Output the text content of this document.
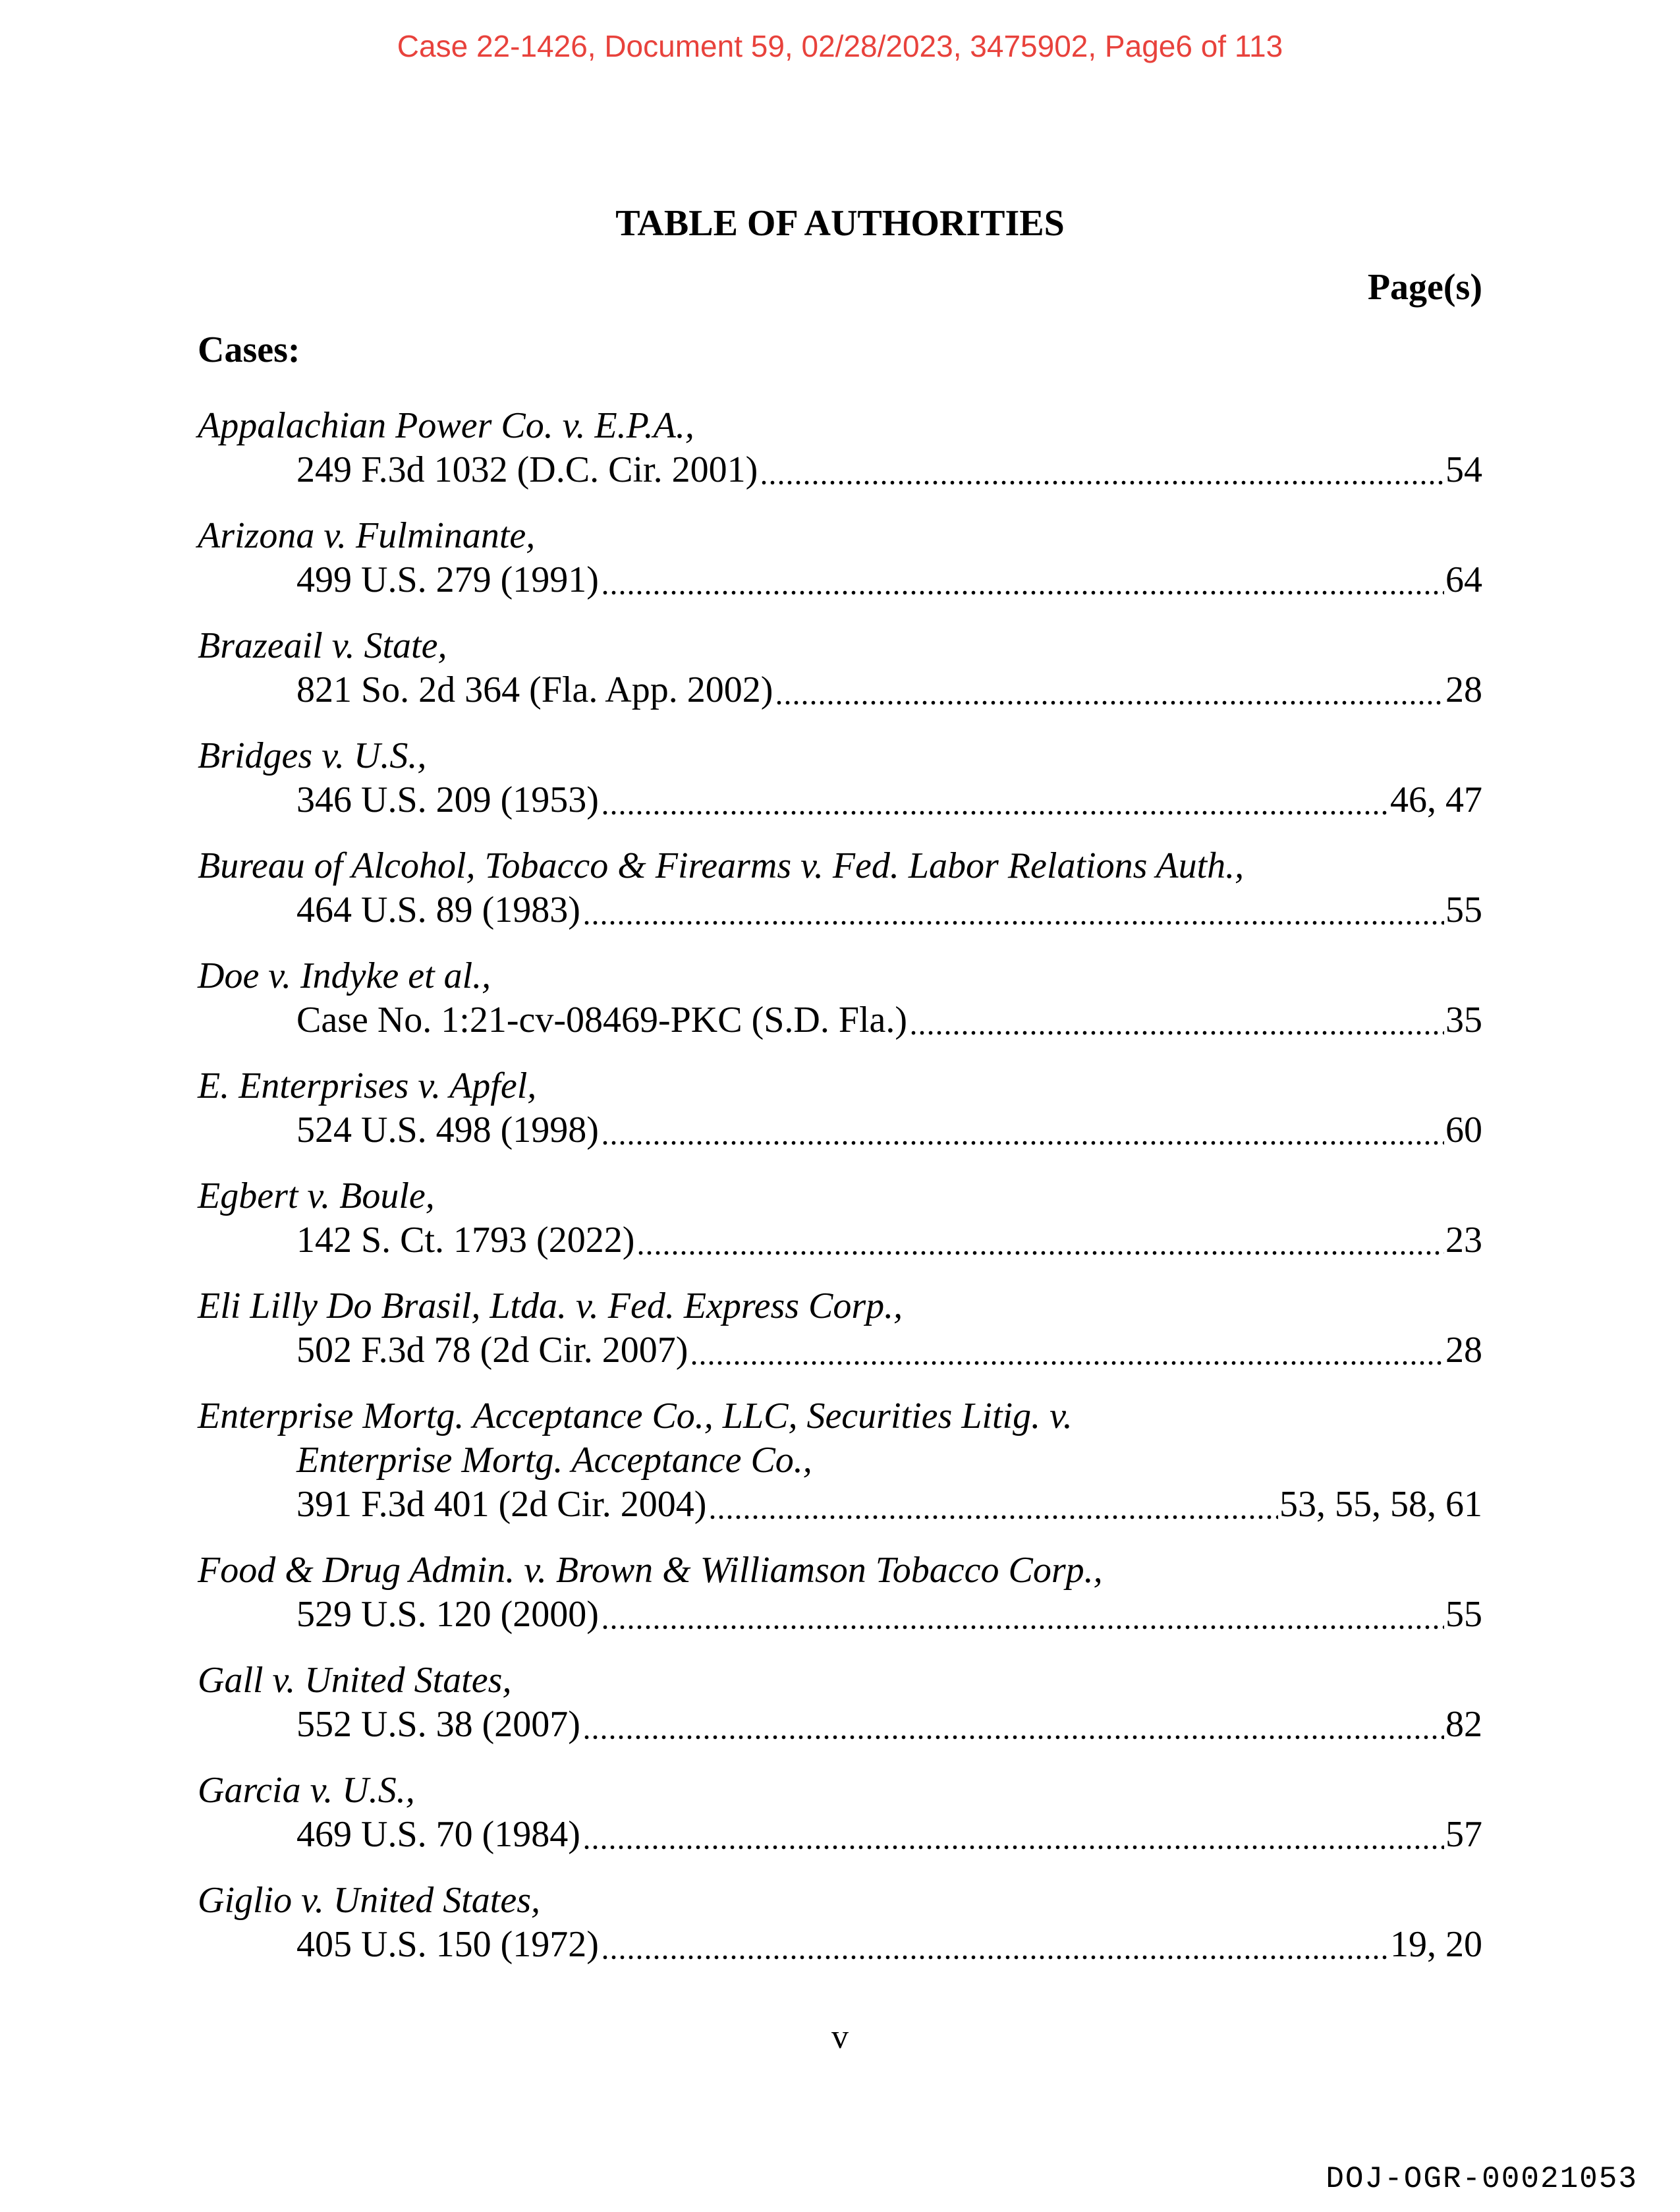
Case 22-1426, Document 59, 02/28/2023, 3475902, Page6 of 113
TABLE OF AUTHORITIES
Page(s)
Cases:
Appalachian Power Co. v. E.P.A.,
249 F.3d 1032 (D.C. Cir. 2001)	54
Arizona v. Fulminante,
499 U.S. 279 (1991)	64
Brazeail v. State,
821 So. 2d 364 (Fla. App. 2002)	28
Bridges v. U.S.,
346 U.S. 209 (1953)	46, 47
Bureau of Alcohol, Tobacco & Firearms v. Fed. Labor Relations Auth.,
464 U.S. 89 (1983)	55
Doe v. Indyke et al.,
Case No. 1:21-cv-08469-PKC (S.D. Fla.)	35
E. Enterprises v. Apfel,
524 U.S. 498 (1998)	60
Egbert v. Boule,
142 S. Ct. 1793 (2022)	23
Eli Lilly Do Brasil, Ltda. v. Fed. Express Corp.,
502 F.3d 78 (2d Cir. 2007)	28
Enterprise Mortg. Acceptance Co., LLC, Securities Litig. v.
Enterprise Mortg. Acceptance Co.,
391 F.3d 401 (2d Cir. 2004)	53, 55, 58, 61
Food & Drug Admin. v. Brown & Williamson Tobacco Corp.,
529 U.S. 120 (2000)	55
Gall v. United States,
552 U.S. 38 (2007)	82
Garcia v. U.S.,
469 U.S. 70 (1984)	57
Giglio v. United States,
405 U.S. 150 (1972)	19, 20
v
DOJ-OGR-00021053
